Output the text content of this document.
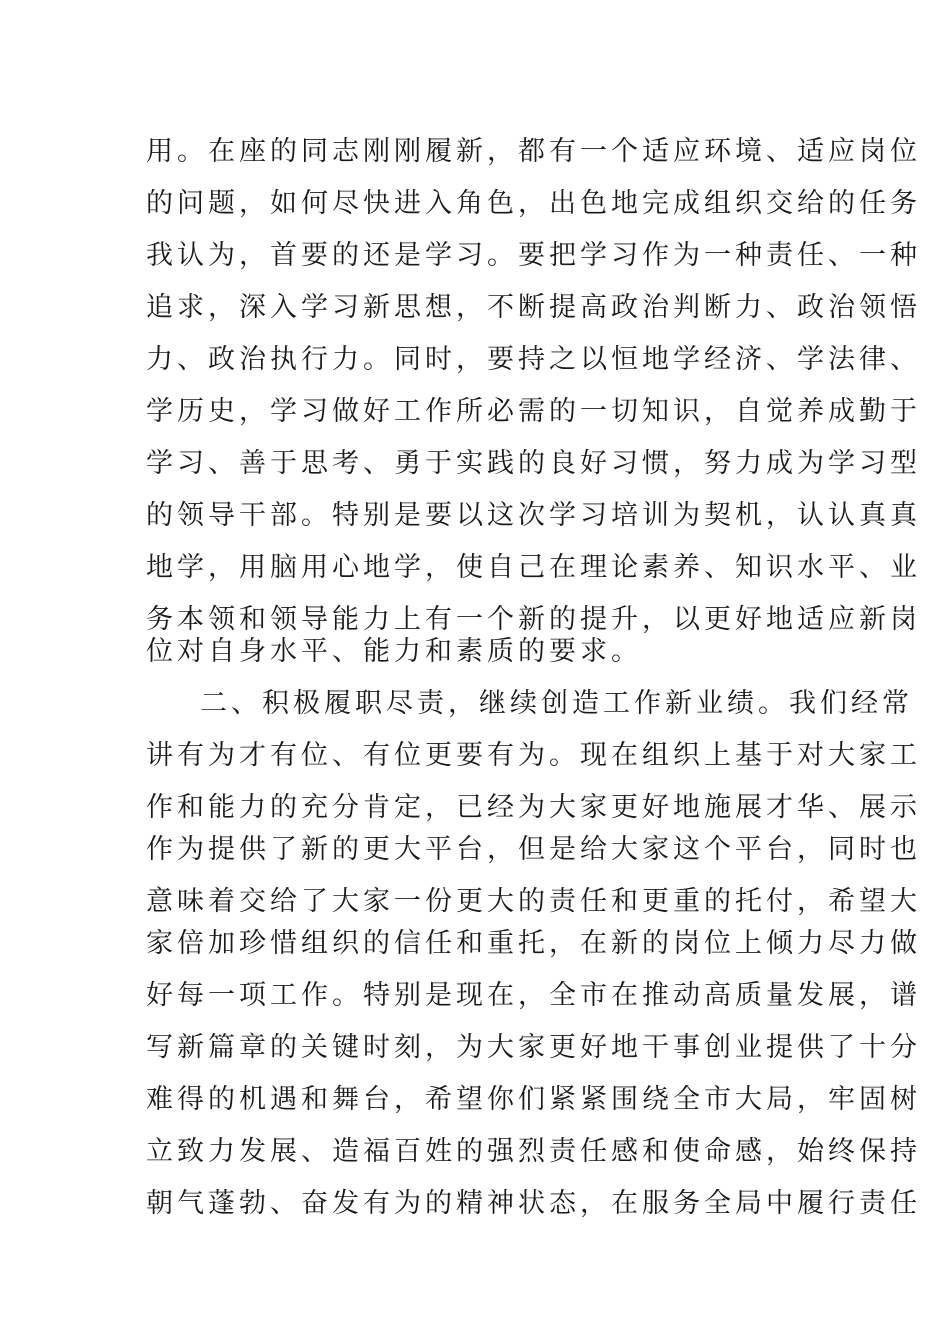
用。在座的同志刚刚履新，都有一个适应环境、适应岗位
的问题，如何尽快进入角色，出色地完成组织交给的任务
我认为，首要的还是学习。要把学习作为一种责任、一种
追求，深入学习新思想，不断提高政治判断力、政治领悟
力、政治执行力。同时，要持之以恒地学经济、学法律、
学历史，学习做好工作所必需的一切知识，自觉养成勤于
学习、善于思考、勇于实践的良好习惯，努力成为学习型
的领导干部。特别是要以这次学习培训为契机，认认真真
地学，用脑用心地学，使自己在理论素养、知识水平、业
务本领和领导能力上有一个新的提升，以更好地适应新岗
位对自身水平、能力和素质的要求。
二、积极履职尽责，继续创造工作新业绩。我们经常
讲有为才有位、有位更要有为。现在组织上基于对大家工
作和能力的充分肯定，已经为大家更好地施展才华、展示
作为提供了新的更大平台，但是给大家这个平台，同时也
意味着交给了大家一份更大的责任和更重的托付，希望大
家倍加珍惜组织的信任和重托，在新的岗位上倾力尽力做
好每一项工作。特别是现在，全市在推动高质量发展，谱
写新篇章的关键时刻，为大家更好地干事创业提供了十分
难得的机遇和舞台，希望你们紧紧围绕全市大局，牢固树
立致力发展、造福百姓的强烈责任感和使命感，始终保持
朝气蓬勃、奋发有为的精神状态，在服务全局中履行责任
